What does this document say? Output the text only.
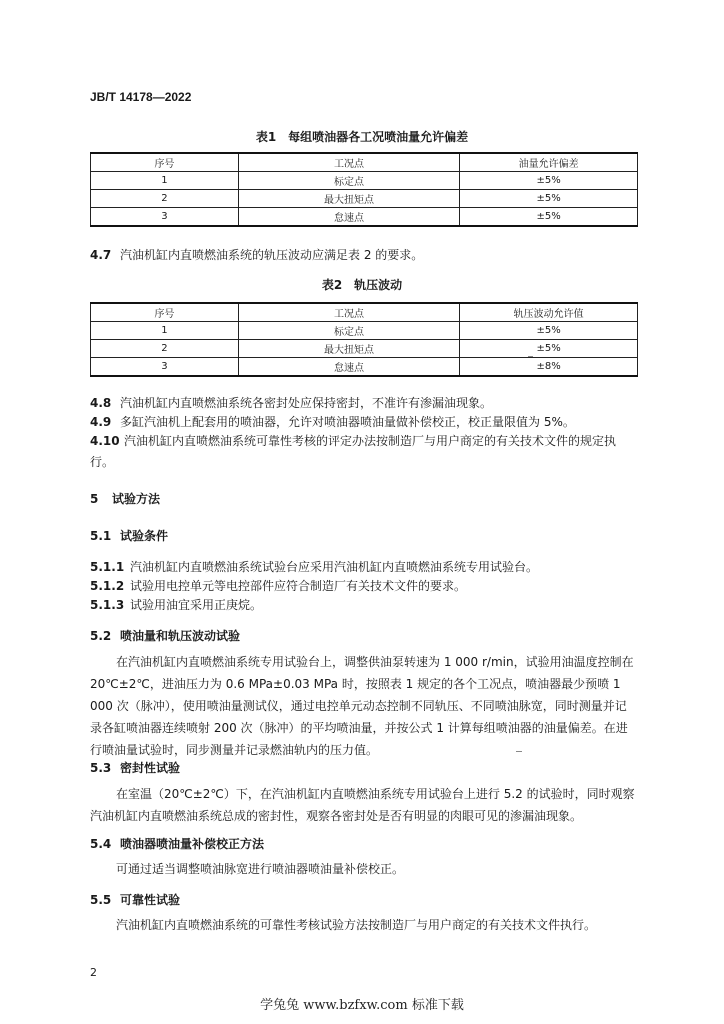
JB/T 14178—2022
表1　每组喷油器各工况喷油量允许偏差
序号	工况点	油量允许偏差
1	标定点	±5%
2	最大扭矩点	±5%
3	怠速点	±5%
4.7 汽油机缸内直喷燃油系统的轨压波动应满足表 2 的要求。
表2　轨压波动
序号	工况点	轨压波动允许值
1	标定点	±5%
2	最大扭矩点	±5%
3	怠速点	±8%
4.8 汽油机缸内直喷燃油系统各密封处应保持密封，不准许有渗漏油现象。
4.9 多缸汽油机上配套用的喷油器，允许对喷油器喷油量做补偿校正，校正量限值为 5%。
4.10 汽油机缸内直喷燃油系统可靠性考核的评定办法按制造厂与用户商定的有关技术文件的规定执行。
5 试验方法
5.1 试验条件
5.1.1 汽油机缸内直喷燃油系统试验台应采用汽油机缸内直喷燃油系统专用试验台。
5.1.2 试验用电控单元等电控部件应符合制造厂有关技术文件的要求。
5.1.3 试验用油宜采用正庚烷。
5.2 喷油量和轨压波动试验
在汽油机缸内直喷燃油系统专用试验台上，调整供油泵转速为 1 000 r/min，试验用油温度控制在 20℃±2℃，进油压力为 0.6 MPa±0.03 MPa 时，按照表 1 规定的各个工况点，喷油器最少预喷 1 000 次（脉冲），使用喷油量测试仪，通过电控单元动态控制不同轨压、不同喷油脉宽，同时测量并记录各缸喷油器连续喷射 200 次（脉冲）的平均喷油量，并按公式 1 计算每组喷油器的油量偏差。在进行喷油量试验时，同步测量并记录燃油轨内的压力值。
5.3 密封性试验
在室温（20℃±2℃）下，在汽油机缸内直喷燃油系统专用试验台上进行 5.2 的试验时，同时观察汽油机缸内直喷燃油系统总成的密封性，观察各密封处是否有明显的肉眼可见的渗漏油现象。
5.4 喷油器喷油量补偿校正方法
可通过适当调整喷油脉宽进行喷油器喷油量补偿校正。
5.5 可靠性试验
汽油机缸内直喷燃油系统的可靠性考核试验方法按制造厂与用户商定的有关技术文件执行。
2
学兔兔 www.bzfxw.com 标准下载
